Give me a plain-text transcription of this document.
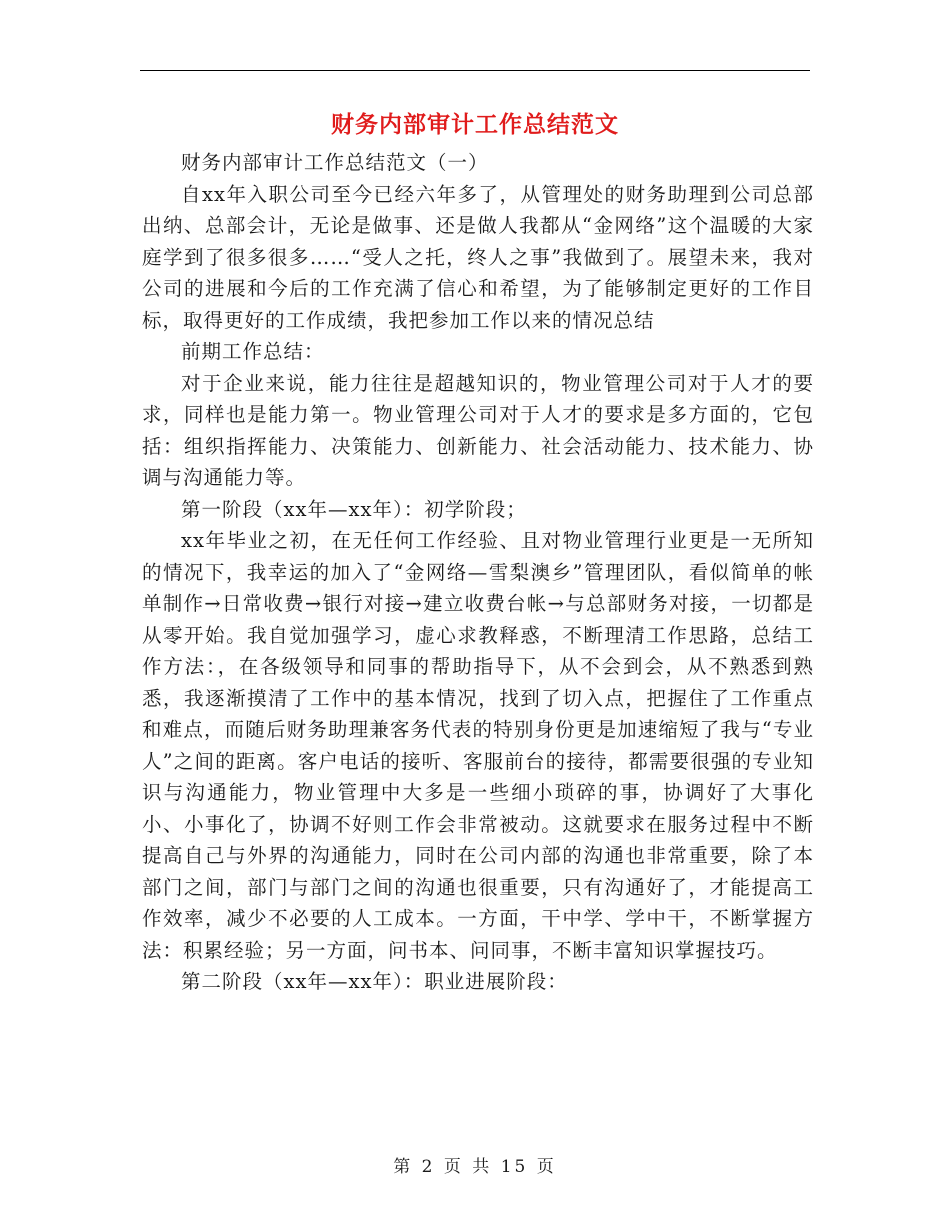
财务内部审计工作总结范文

财务内部审计工作总结范文（一）

自xx年入职公司至今已经六年多了，从管理处的财务助理到公司总部出纳、总部会计，无论是做事、还是做人我都从“金网络”这个温暖的大家庭学到了很多很多……“受人之托，终人之事”我做到了。展望未来，我对公司的进展和今后的工作充满了信心和希望，为了能够制定更好的工作目标，取得更好的工作成绩，我把参加工作以来的情况总结

前期工作总结：

对于企业来说，能力往往是超越知识的，物业管理公司对于人才的要求，同样也是能力第一。物业管理公司对于人才的要求是多方面的，它包括：组织指挥能力、决策能力、创新能力、社会活动能力、技术能力、协调与沟通能力等。

第一阶段（xx年—xx年）：初学阶段；

xx年毕业之初，在无任何工作经验、且对物业管理行业更是一无所知的情况下，我幸运的加入了“金网络—雪梨澳乡”管理团队，看似简单的帐单制作→日常收费→银行对接→建立收费台帐→与总部财务对接，一切都是从零开始。我自觉加强学习，虚心求教释惑，不断理清工作思路，总结工作方法：，在各级领导和同事的帮助指导下，从不会到会，从不熟悉到熟悉，我逐渐摸清了工作中的基本情况，找到了切入点，把握住了工作重点和难点，而随后财务助理兼客务代表的特别身份更是加速缩短了我与“专业人”之间的距离。客户电话的接听、客服前台的接待，都需要很强的专业知识与沟通能力，物业管理中大多是一些细小琐碎的事，协调好了大事化小、小事化了，协调不好则工作会非常被动。这就要求在服务过程中不断提高自己与外界的沟通能力，同时在公司内部的沟通也非常重要，除了本部门之间，部门与部门之间的沟通也很重要，只有沟通好了，才能提高工作效率，减少不必要的人工成本。一方面，干中学、学中干，不断掌握方法：积累经验；另一方面，问书本、问同事，不断丰富知识掌握技巧。

第二阶段（xx年—xx年）：职业进展阶段：

第 2 页 共 15 页
